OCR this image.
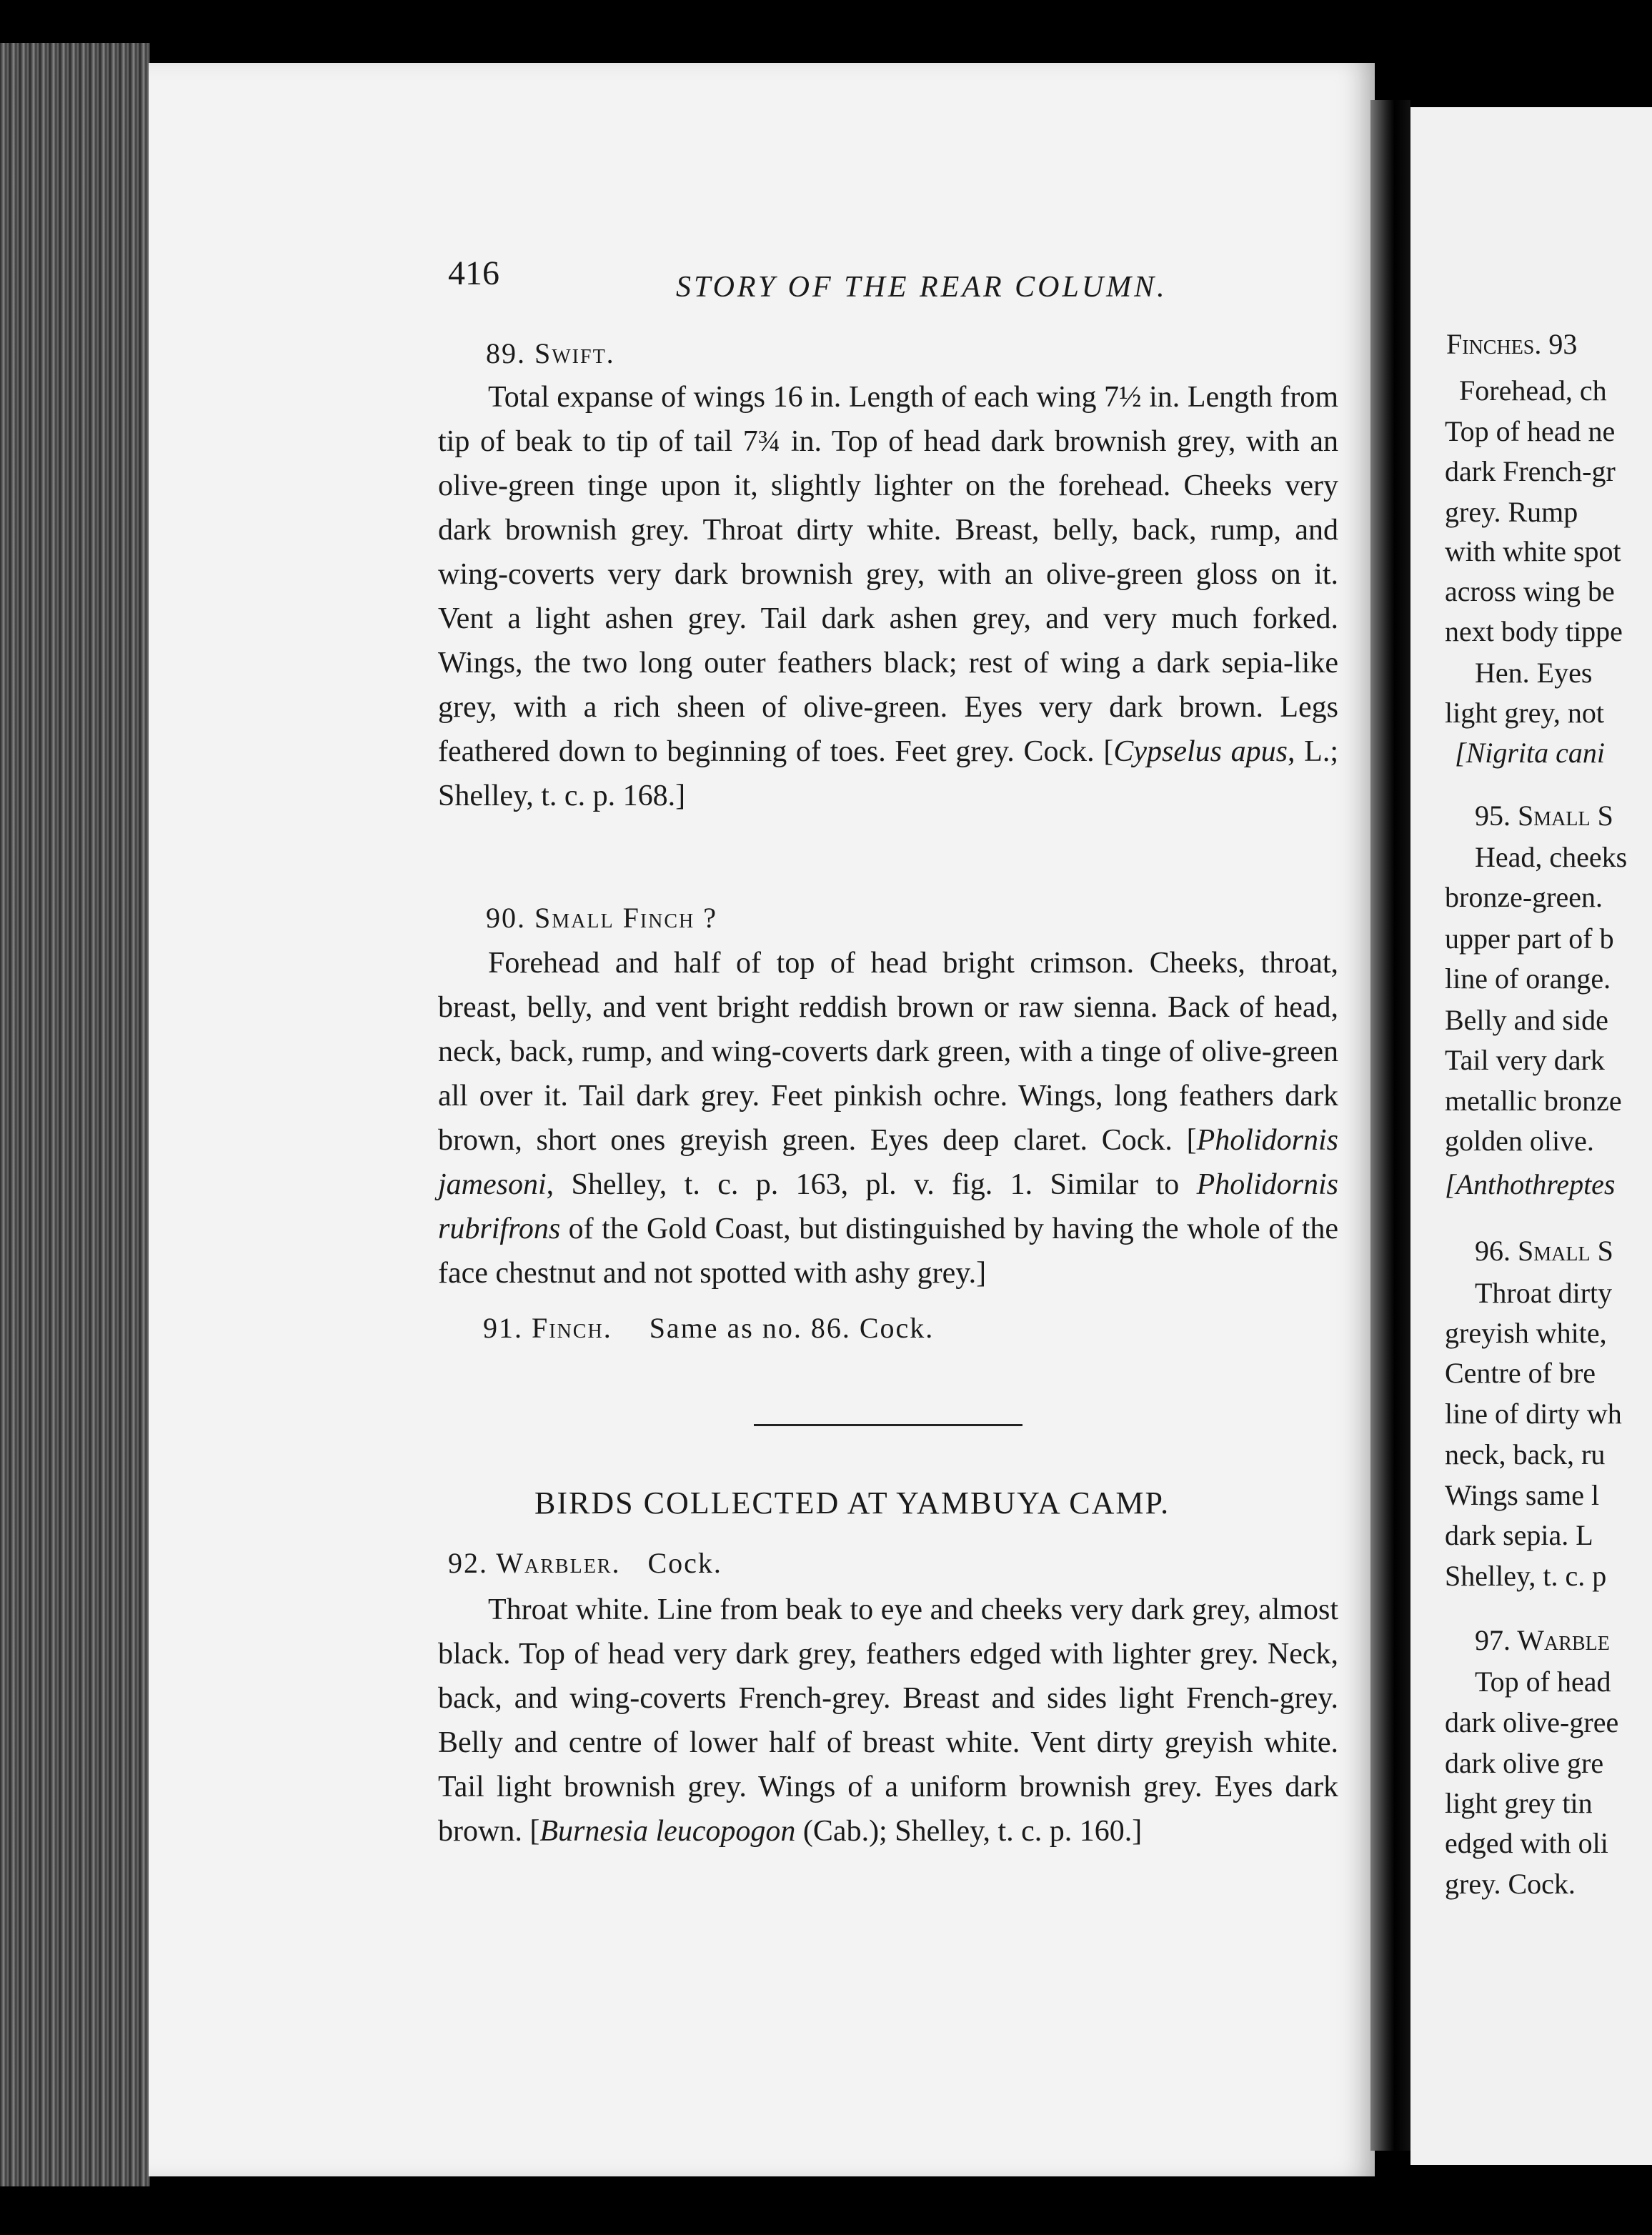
416	STORY OF THE REAR COLUMN.
89. Swift.

Total expanse of wings 16 in. Length of each wing 7½ in. Length from tip of beak to tip of tail 7¾ in. Top of head dark brownish grey, with an olive-green tinge upon it, slightly lighter on the forehead. Cheeks very dark brownish grey. Throat dirty white. Breast, belly, back, rump, and wing-coverts very dark brownish grey, with an olive-green gloss on it. Vent a light ashen grey. Tail dark ashen grey, and very much forked. Wings, the two long outer feathers black; rest of wing a dark sepia-like grey, with a rich sheen of olive-green. Eyes very dark brown. Legs feathered down to beginning of toes. Feet grey. Cock. [Cypselus apus, L.; Shelley, t. c. p. 168.]

90. Small Finch ?

Forehead and half of top of head bright crimson. Cheeks, throat, breast, belly, and vent bright reddish brown or raw sienna. Back of head, neck, back, rump, and wing-coverts dark green, with a tinge of olive-green all over it. Tail dark grey. Feet pinkish ochre. Wings, long feathers dark brown, short ones greyish green. Eyes deep claret. Cock. [Pholidornis jamesoni, Shelley, t. c. p. 163, pl. v. fig. 1. Similar to Pholidornis rubrifrons of the Gold Coast, but distinguished by having the whole of the face chestnut and not spotted with ashy grey.]

91. Finch. Same as no. 86. Cock.
BIRDS COLLECTED AT YAMBUYA CAMP.
92. Warbler. Cock.

Throat white. Line from beak to eye and cheeks very dark grey, almost black. Top of head very dark grey, feathers edged with lighter grey. Neck, back, and wing-coverts French-grey. Breast and sides light French-grey. Belly and centre of lower half of breast white. Vent dirty greyish white. Tail light brownish grey. Wings of a uniform brownish grey. Eyes dark brown. [Burnesia leucopogon (Cab.); Shelley, t. c. p. 160.]

Finches. 93
Forehead, ch
Top of head ne
dark French-gr
grey. Rump
with white spot
across wing be
next body tippe
Hen. Eyes
light grey, not
[Nigrita cani
95. Small S
Head, cheeks
bronze-green.
upper part of b
line of orange.
Belly and side
Tail very dark
metallic bronze
golden olive.
[Anthothreptes
96. Small S
Throat dirty
greyish white,
Centre of bre
line of dirty wh
neck, back, ru
Wings same l
dark sepia. L
Shelley, t. c. p
97. Warble
Top of head
dark olive-gree
dark olive gre
light grey tin
edged with oli
grey. Cock.
